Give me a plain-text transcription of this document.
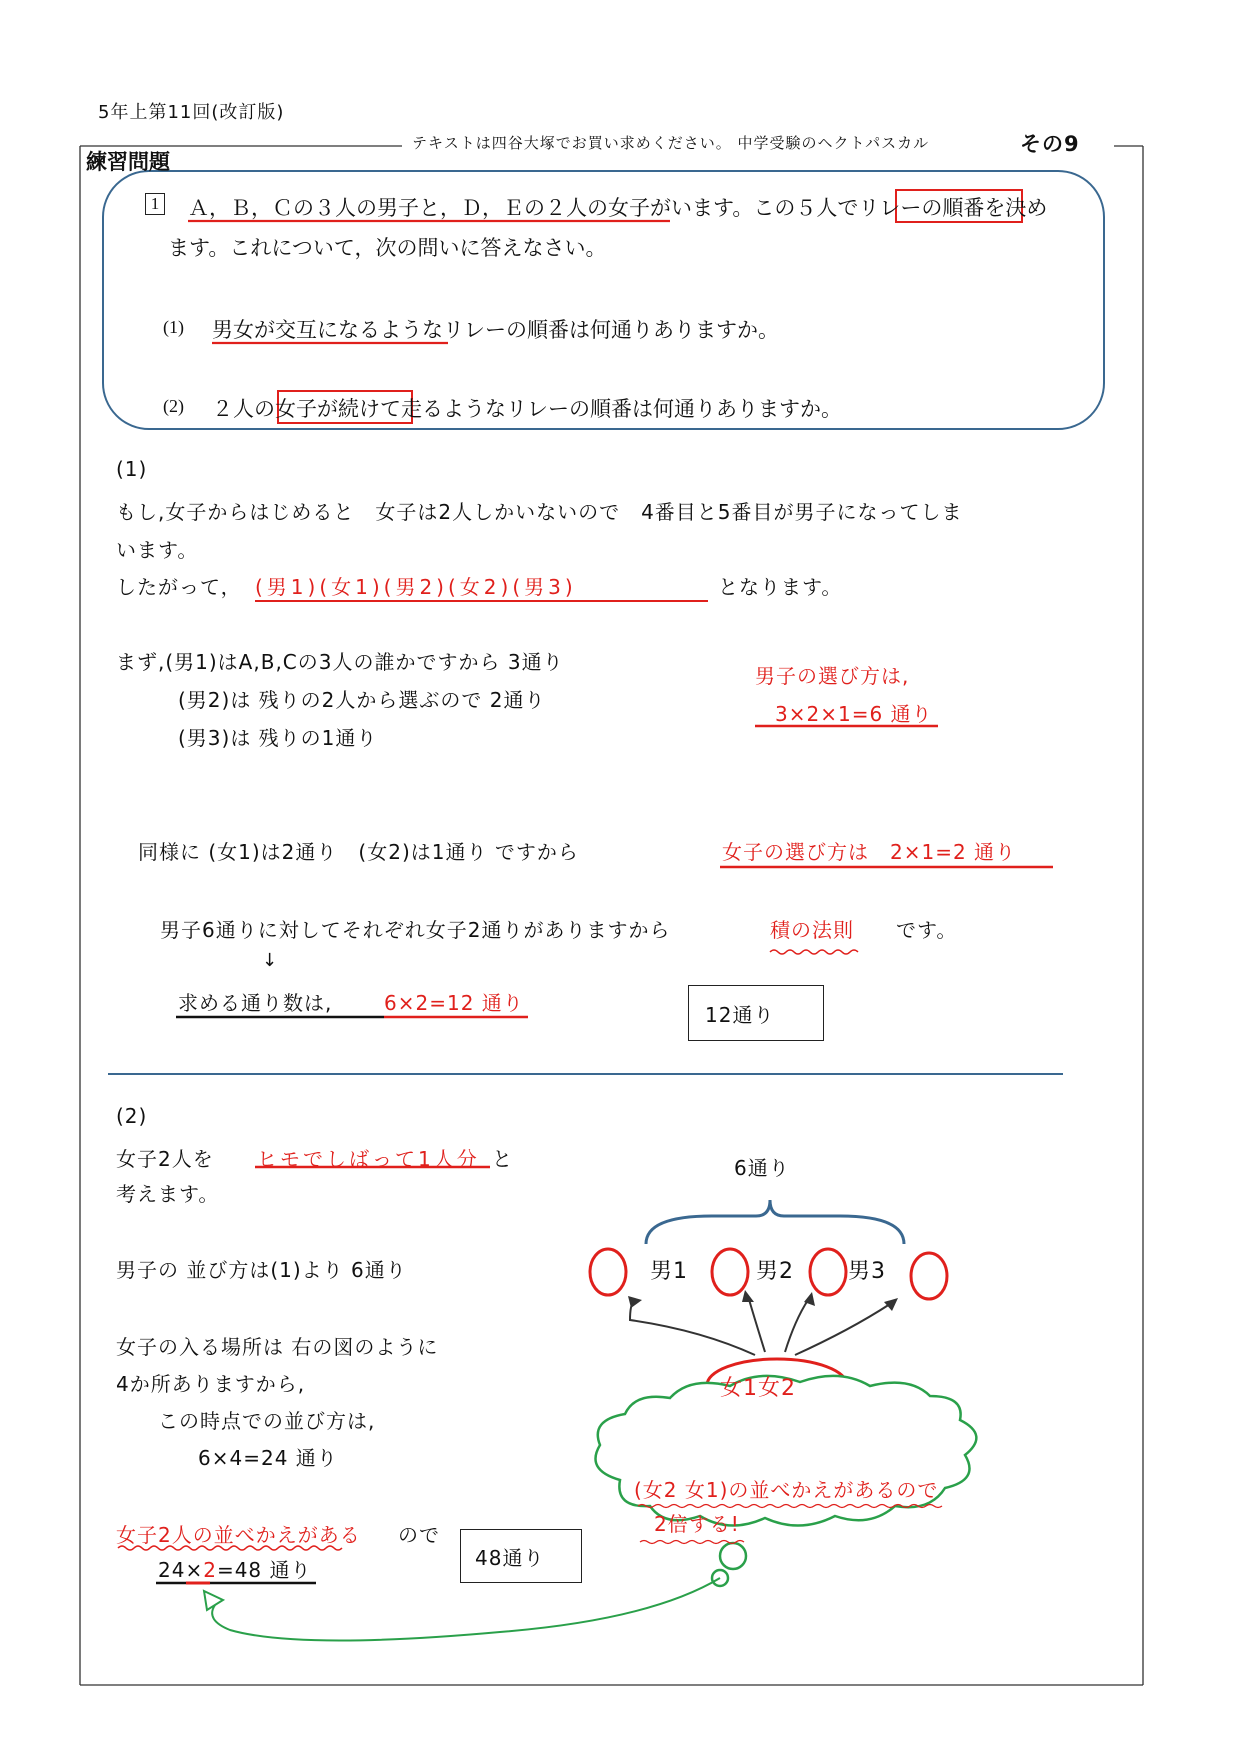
5年上第11回(改訂版)
テキストは四谷大塚でお買い求めください。 中学受験のヘクトパスカル	その9
練習問題
1 Ａ，Ｂ，Ｃの３人の男子と，Ｄ，Ｅの２人の女子がいます。この５人でリレーの順番を決め
ます。これについて，次の問いに答えなさい。
(1) 男女が交互になるようなリレーの順番は何通りありますか。
(2) ２人の女子が続けて走るようなリレーの順番は何通りありますか。
(1)
もし,女子からはじめると　女子は2人しかいないので　4番目と5番目が男子になってしま
います。
したがって， (男1)(女1)(男2)(女2)(男3)	となります。
まず,(男1)はA,B,Cの3人の誰かですから 3通り
(男2)は 残りの2人から選ぶので 2通り
(男3)は 残りの1通り
男子の選び方は,
3×2×1=6 通り
同様に (女1)は2通り　(女2)は1通り ですから	女子の選び方は　2×1=2 通り
男子6通りに対してそれぞれ女子2通りがありますから	積の法則 です。
↓
求める通り数は,	6×2=12 通り	12通り
(2)
女子2人を ヒモでしばって1人分 と
考えます。
男子の 並び方は(1)より 6通り
女子の入る場所は 右の図のように
4か所ありますから,
この時点での並び方は,
6×4=24 通り
女子2人の並べかえがある ので
24×2=48 通り	48通り
6通り
男1	男2 男3
女1女2
(女2 女1)の並べかえがあるので
2倍する!
